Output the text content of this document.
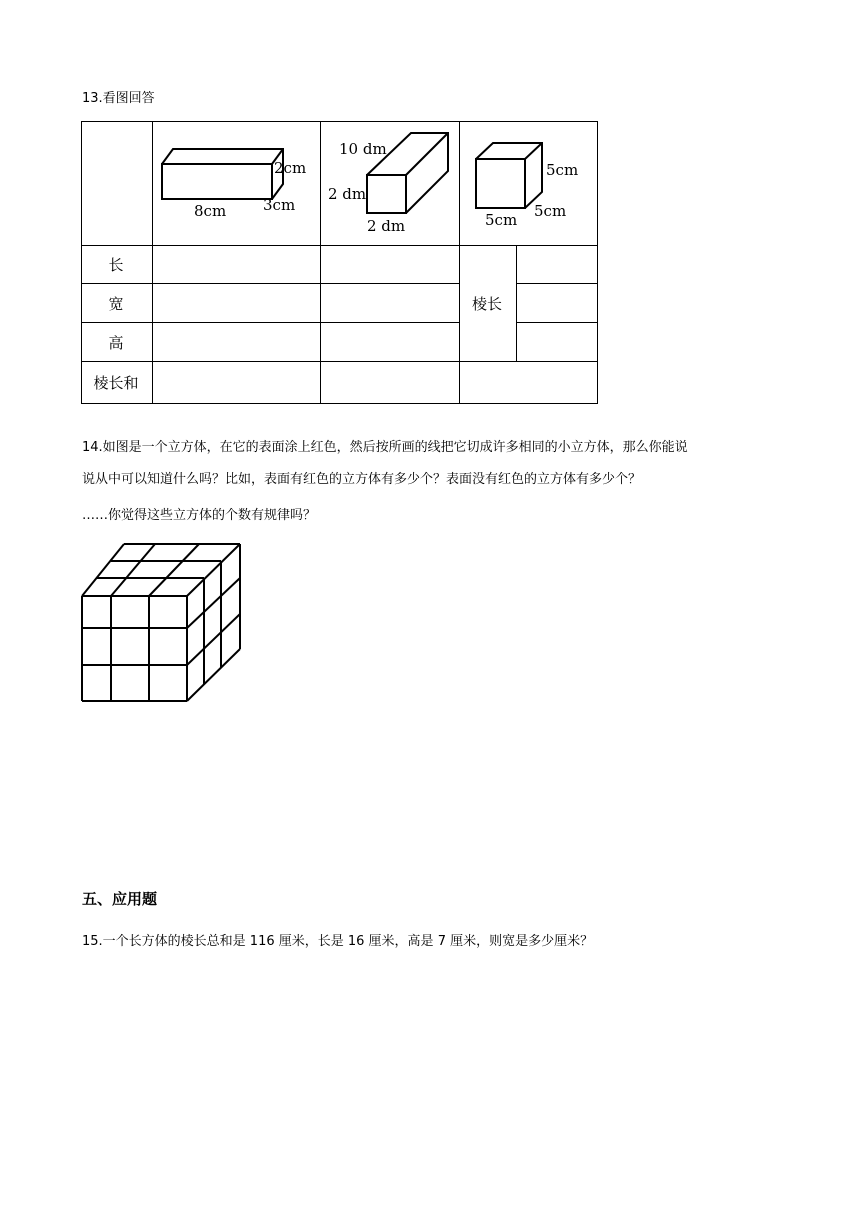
13.看图回答
长
宽
高
棱长和
棱长
2cm
3cm
8cm
10 dm
2 dm
2 dm
5cm
5cm 5cm
14.如图是一个立方体，在它的表面涂上红色，然后按所画的线把它切成许多相同的小立方体，那么你能说
说从中可以知道什么吗？比如，表面有红色的立方体有多少个？表面没有红色的立方体有多少个？
……你觉得这些立方体的个数有规律吗？
五、应用题
15.一个长方体的棱长总和是 116 厘米，长是 16 厘米，高是 7 厘米，则宽是多少厘米？
